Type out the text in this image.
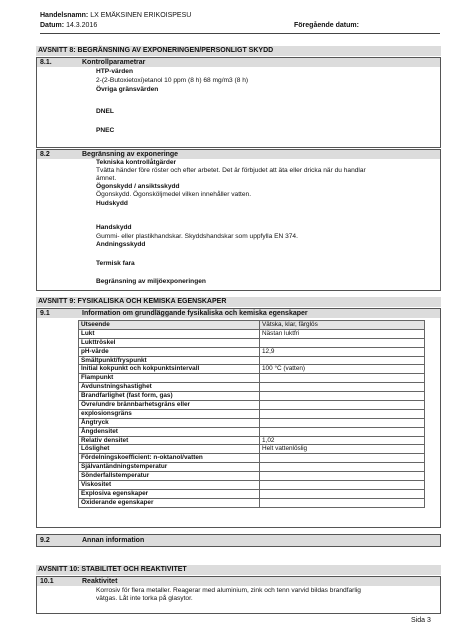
Handelsnamn: LX EMÄKSINEN ERIKOISPESU
Datum: 14.3.2016	Föregående datum:
AVSNITT 8: BEGRÄNSNING AV EXPONERINGEN/PERSONLIGT SKYDD
8.1.	Kontrollparametrar
HTP-värden
2-(2-Butoxietoxi)etanol 10 ppm (8 h) 68 mg/m3 (8 h)
Övriga gränsvärden
DNEL
PNEC
8.2	Begränsning av exponeringe
Tekniska kontrollåtgärder
Tvätta händer före röster och efter arbetet. Det är förbjudet att äta eller dricka när du handlar
ämnet.
Ögonskydd / ansiktsskydd
Ögonskydd. Ögonsköljmedel vilken innehåller vatten.
Hudskydd
Handskydd
Gummi- eller plastikhandskar. Skyddshandskar som uppfylla EN 374.
Andningsskydd
Termisk fara
Begränsning av miljöexponeringen
AVSNITT 9: FYSIKALISKA OCH KEMISKA EGENSKAPER
9.1	Information om grundläggande fysikaliska och kemiska egenskaper
Utseende	Vätska, klar, färglös
Lukt	Nästan luktfri
Lukttröskel	
pH-värde	12,9
Smältpunkt/fryspunkt	
Initial kokpunkt och kokpunktsintervall	100 °C (vatten)
Flampunkt	
Avdunstningshastighet	
Brandfarlighet (fast form, gas)	
Övre/undre brännbarhetsgräns eller	
explosionsgräns	
Ångtryck	
Ångdensitet	
Relativ densitet	1,02
Löslighet	Helt vattenlöslig
Fördelningskoefficient: n-oktanol/vatten	
Självantändningstemperatur	
Sönderfallstemperatur	
Viskositet	
Explosiva egenskaper	
Oxiderande egenskaper	
9.2	Annan information
AVSNITT 10: STABILITET OCH REAKTIVITET
10.1	Reaktivitet
Korrosiv för flera metaller. Reagerar med aluminium, zink och tenn varvid bildas brandfarlig
vätgas. Låt inte torka på glasytor.
Sida 3
